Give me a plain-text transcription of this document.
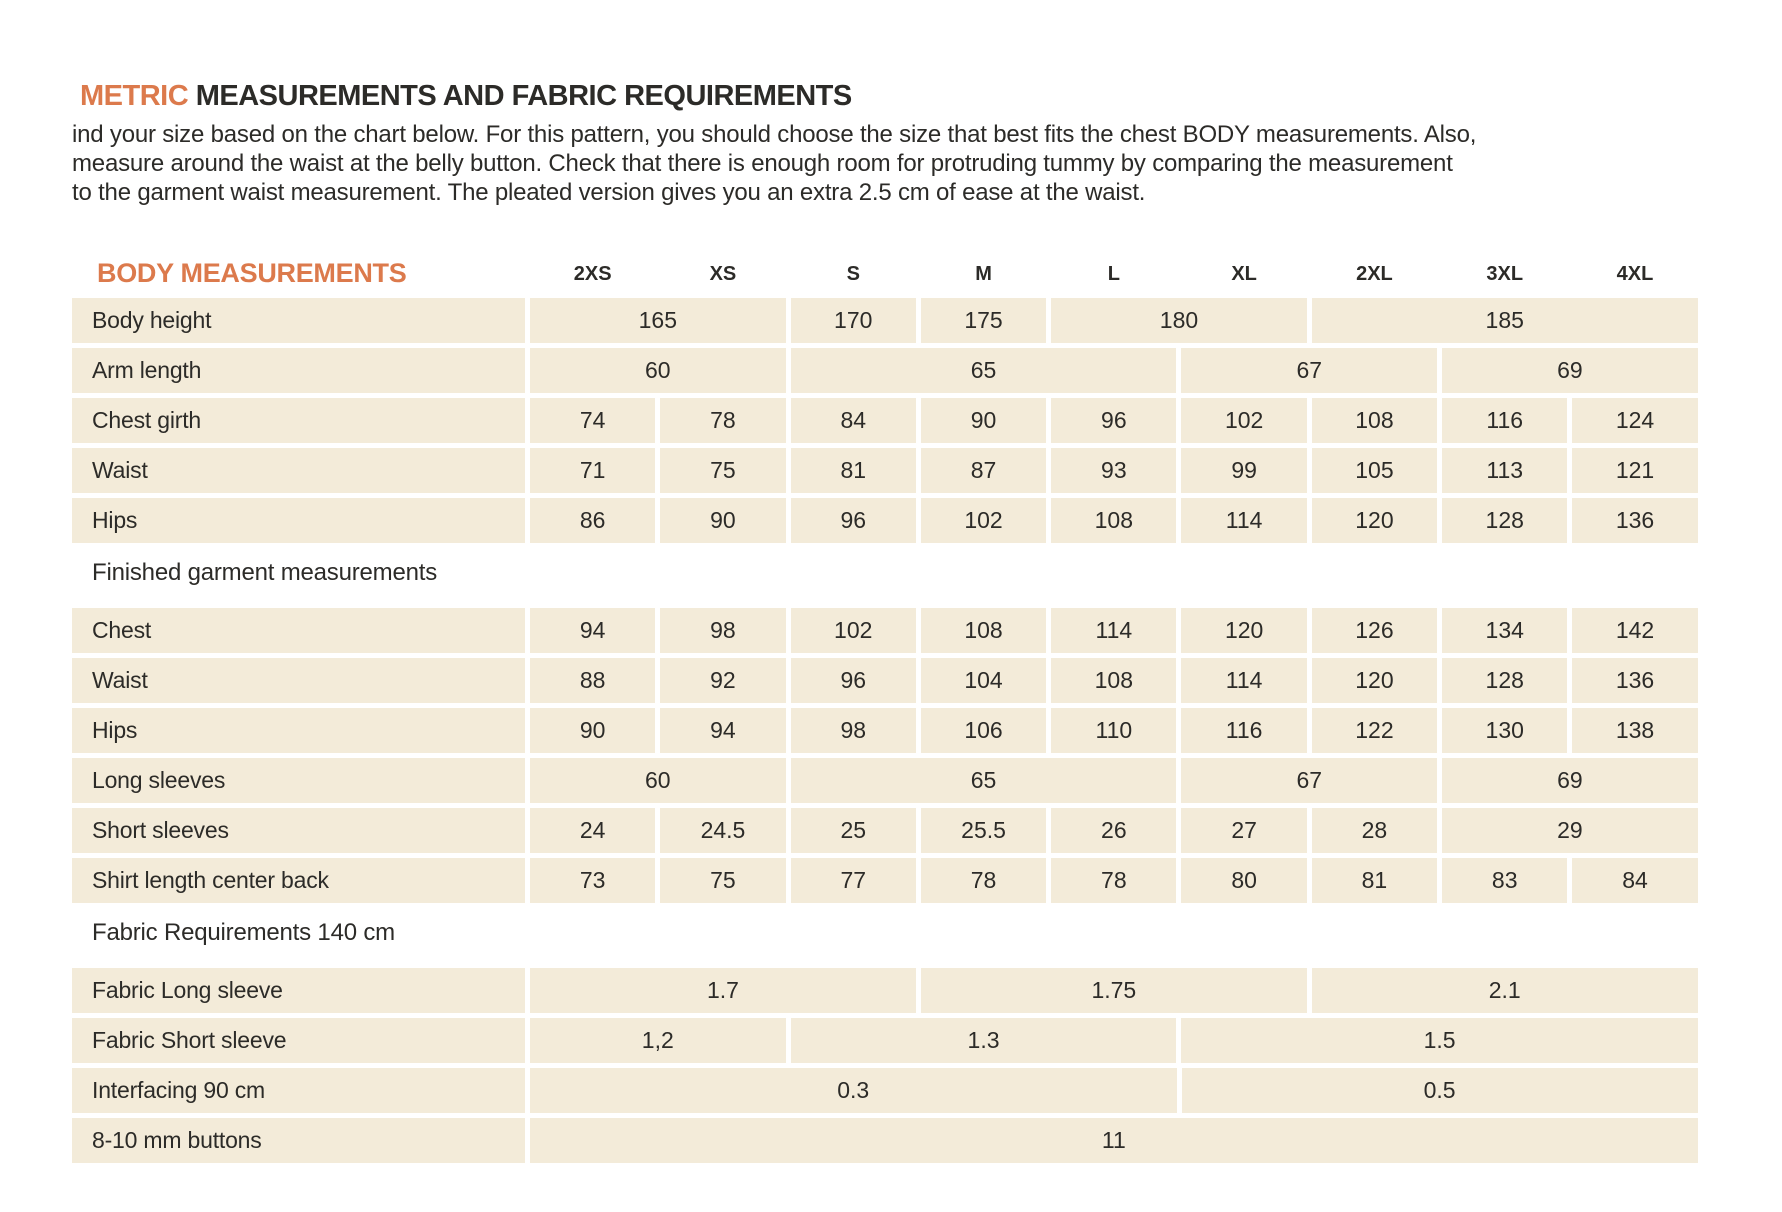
METRIC MEASUREMENTS AND FABRIC REQUIREMENTS
ind your size based on the chart below. For this pattern, you should choose the size that best fits the chest BODY measurements. Also,
measure around the waist at the belly button. Check that there is enough room for protruding tummy by comparing the measurement
to the garment waist measurement. The pleated version gives you an extra 2.5 cm of ease at the waist.
BODY MEASUREMENTS	2XS	XS	S	M	L	XL	2XL	3XL	4XL
Body height	165	170	175	180	185
Arm length	60	65	67	69
Chest girth	74	78	84	90	96	102	108	116	124
Waist	71	75	81	87	93	99	105	113	121
Hips	86	90	96	102	108	114	120	128	136
Finished garment measurements
Chest	94	98	102	108	114	120	126	134	142
Waist	88	92	96	104	108	114	120	128	136
Hips	90	94	98	106	110	116	122	130	138
Long sleeves	60	65	67	69
Short sleeves	24	24.5	25	25.5	26	27	28	29
Shirt length center back	73	75	77	78	78	80	81	83	84
Fabric Requirements 140 cm
Fabric Long sleeve	1.7	1.75	2.1
Fabric Short sleeve	1,2	1.3	1.5
Interfacing 90 cm	0.3	0.5
8-10 mm buttons	11
